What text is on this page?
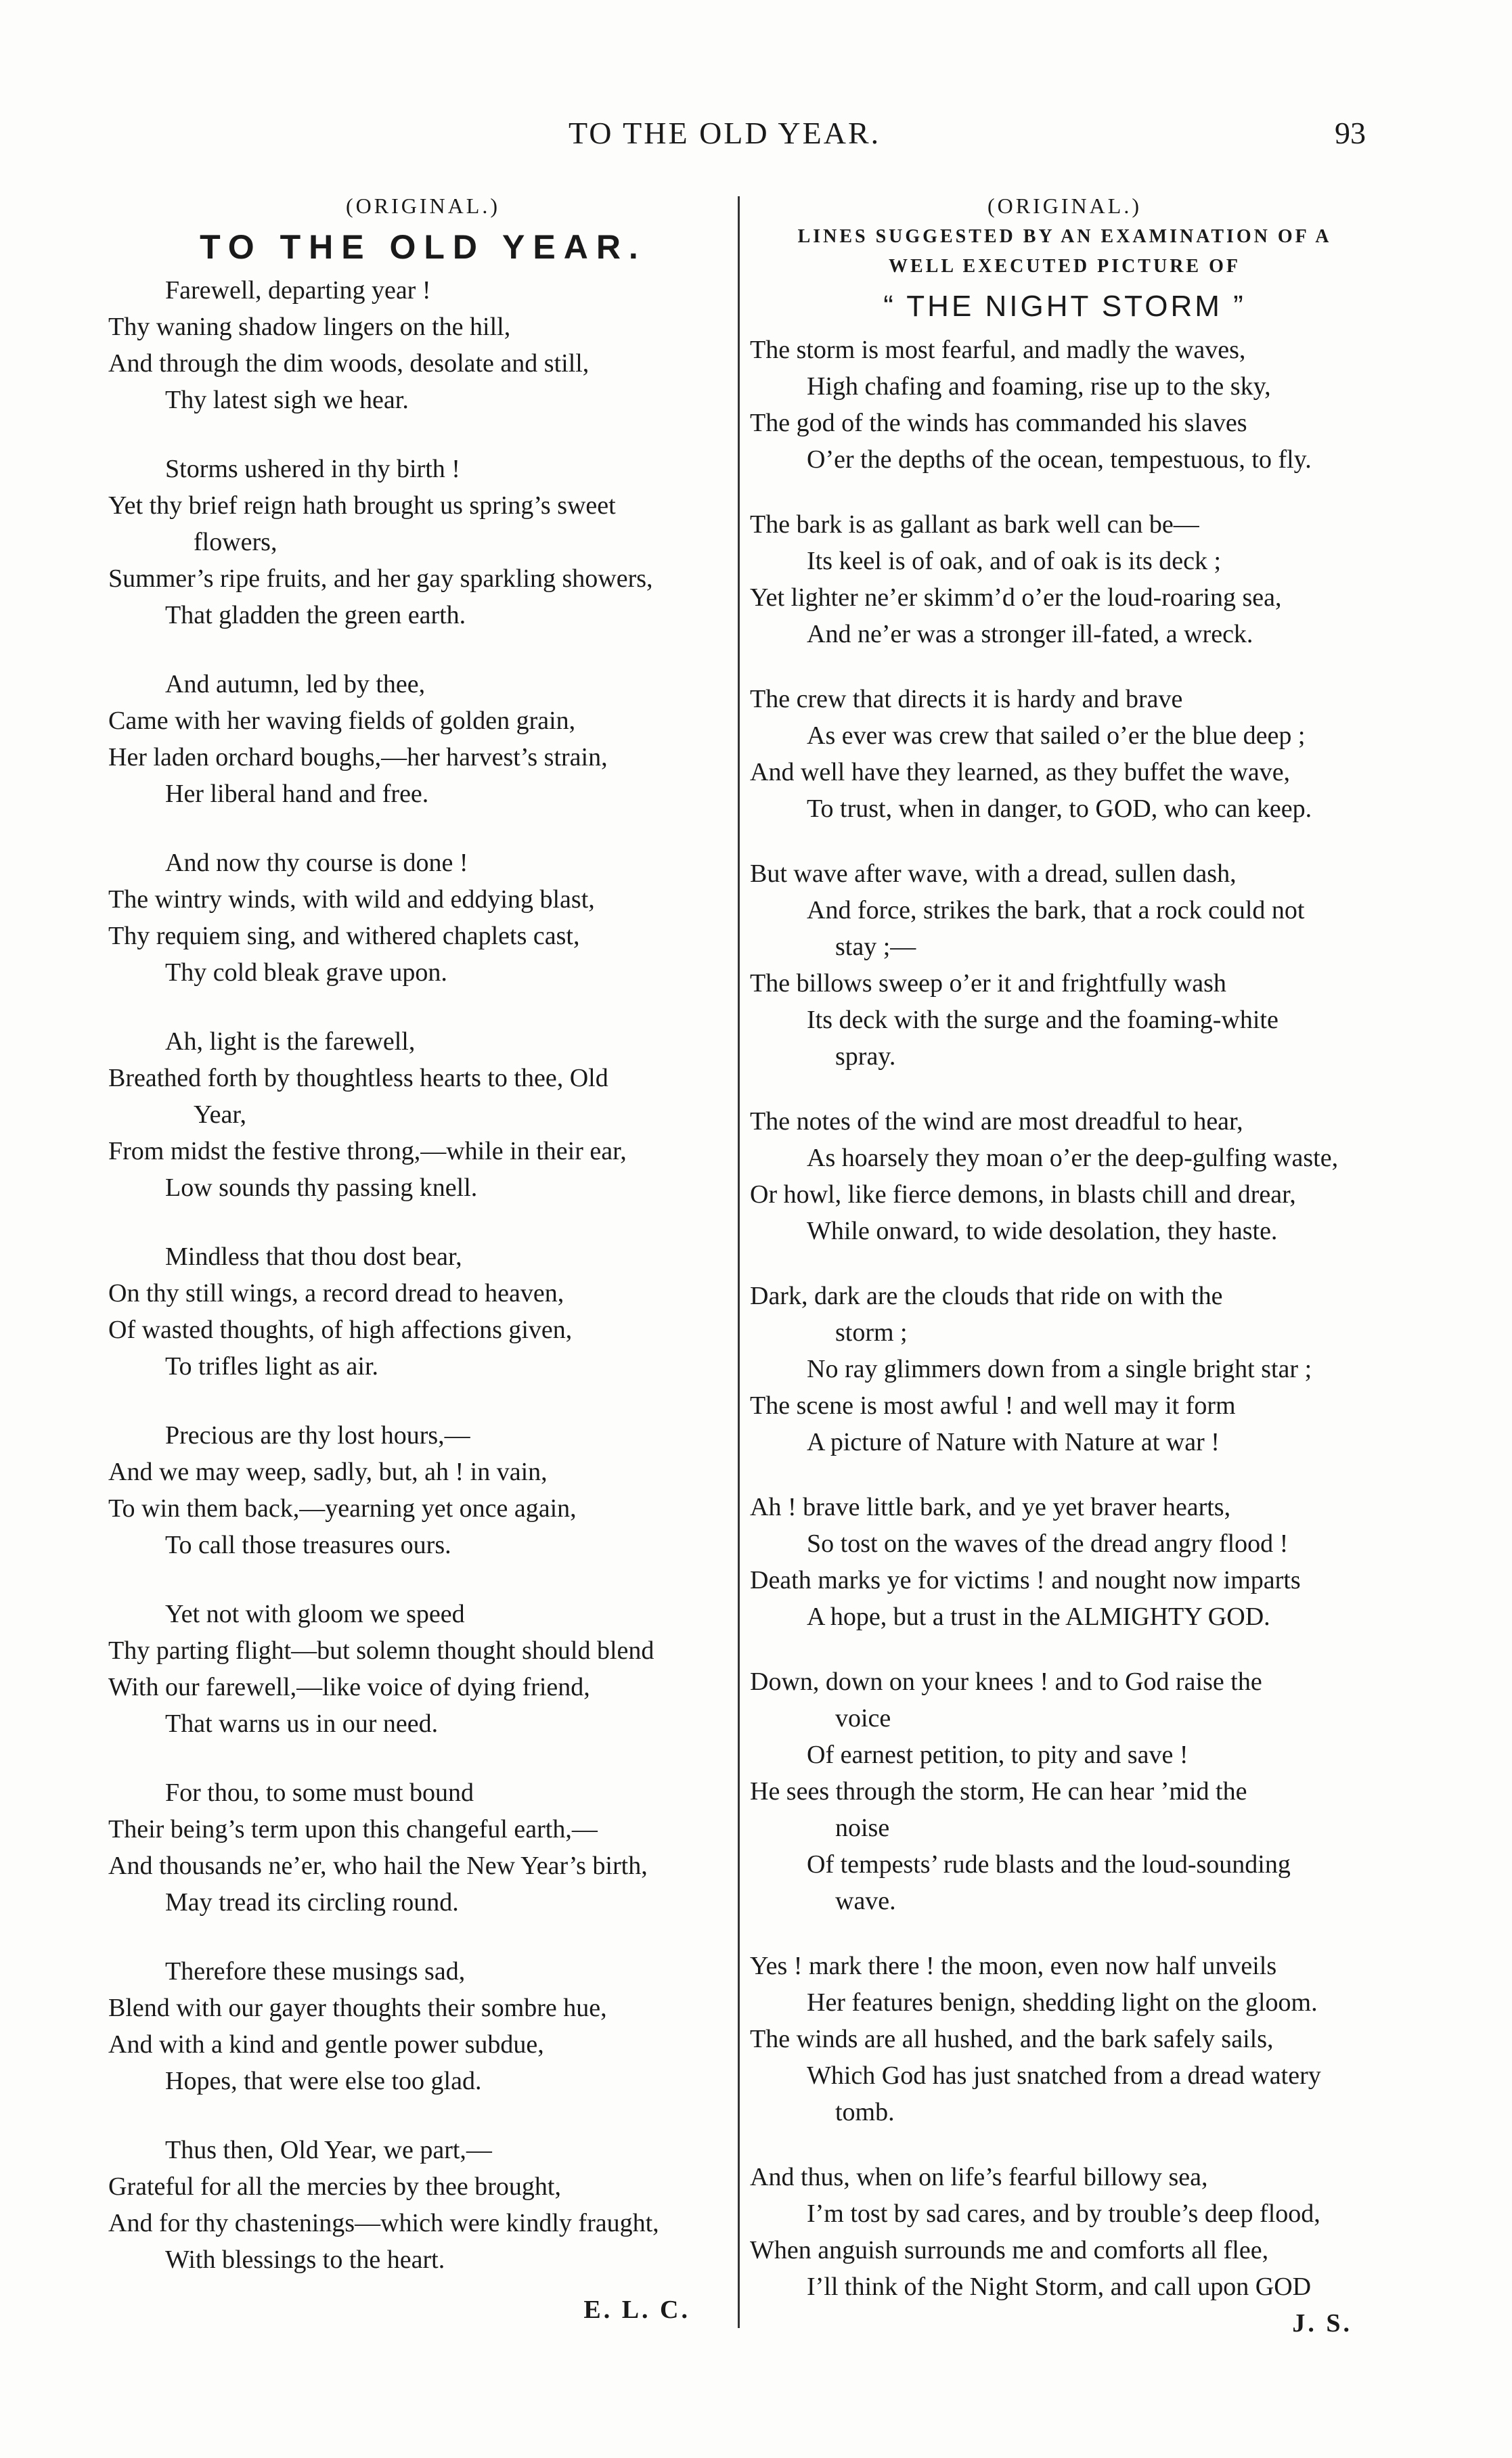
TO THE OLD YEAR.	93
(ORIGINAL.)
TO THE OLD YEAR.
Farewell, departing year !
Thy waning shadow lingers on the hill,
And through the dim woods, desolate and still,
Thy latest sigh we hear.
Storms ushered in thy birth !
Yet thy brief reign hath brought us spring’s sweet
flowers,
Summer’s ripe fruits, and her gay sparkling showers,
That gladden the green earth.
And autumn, led by thee,
Came with her waving fields of golden grain,
Her laden orchard boughs,—her harvest’s strain,
Her liberal hand and free.
And now thy course is done !
The wintry winds, with wild and eddying blast,
Thy requiem sing, and withered chaplets cast,
Thy cold bleak grave upon.
Ah, light is the farewell,
Breathed forth by thoughtless hearts to thee, Old
Year,
From midst the festive throng,—while in their ear,
Low sounds thy passing knell.
Mindless that thou dost bear,
On thy still wings, a record dread to heaven,
Of wasted thoughts, of high affections given,
To trifles light as air.
Precious are thy lost hours,—
And we may weep, sadly, but, ah ! in vain,
To win them back,—yearning yet once again,
To call those treasures ours.
Yet not with gloom we speed
Thy parting flight—but solemn thought should blend
With our farewell,—like voice of dying friend,
That warns us in our need.
For thou, to some must bound
Their being’s term upon this changeful earth,—
And thousands ne’er, who hail the New Year’s birth,
May tread its circling round.
Therefore these musings sad,
Blend with our gayer thoughts their sombre hue,
And with a kind and gentle power subdue,
Hopes, that were else too glad.
Thus then, Old Year, we part,—
Grateful for all the mercies by thee brought,
And for thy chastenings—which were kindly fraught,
With blessings to the heart.
E. L. C.
(ORIGINAL.)
LINES SUGGESTED BY AN EXAMINATION OF A
WELL EXECUTED PICTURE OF
“ THE NIGHT STORM ”
The storm is most fearful, and madly the waves,
High chafing and foaming, rise up to the sky,
The god of the winds has commanded his slaves
O’er the depths of the ocean, tempestuous, to fly.
The bark is as gallant as bark well can be—
Its keel is of oak, and of oak is its deck ;
Yet lighter ne’er skimm’d o’er the loud-roaring sea,
And ne’er was a stronger ill-fated, a wreck.
The crew that directs it is hardy and brave
As ever was crew that sailed o’er the blue deep ;
And well have they learned, as they buffet the wave,
To trust, when in danger, to GOD, who can keep.
But wave after wave, with a dread, sullen dash,
And force, strikes the bark, that a rock could not
stay ;—
The billows sweep o’er it and frightfully wash
Its deck with the surge and the foaming-white
spray.
The notes of the wind are most dreadful to hear,
As hoarsely they moan o’er the deep-gulfing waste,
Or howl, like fierce demons, in blasts chill and drear,
While onward, to wide desolation, they haste.
Dark, dark are the clouds that ride on with the
storm ;
No ray glimmers down from a single bright star ;
The scene is most awful ! and well may it form
A picture of Nature with Nature at war !
Ah ! brave little bark, and ye yet braver hearts,
So tost on the waves of the dread angry flood !
Death marks ye for victims ! and nought now imparts
A hope, but a trust in the ALMIGHTY GOD.
Down, down on your knees ! and to God raise the
voice
Of earnest petition, to pity and save !
He sees through the storm, He can hear ’mid the
noise
Of tempests’ rude blasts and the loud-sounding
wave.
Yes ! mark there ! the moon, even now half unveils
Her features benign, shedding light on the gloom.
The winds are all hushed, and the bark safely sails,
Which God has just snatched from a dread watery
tomb.
And thus, when on life’s fearful billowy sea,
I’m tost by sad cares, and by trouble’s deep flood,
When anguish surrounds me and comforts all flee,
I’ll think of the Night Storm, and call upon GOD
J. S.
